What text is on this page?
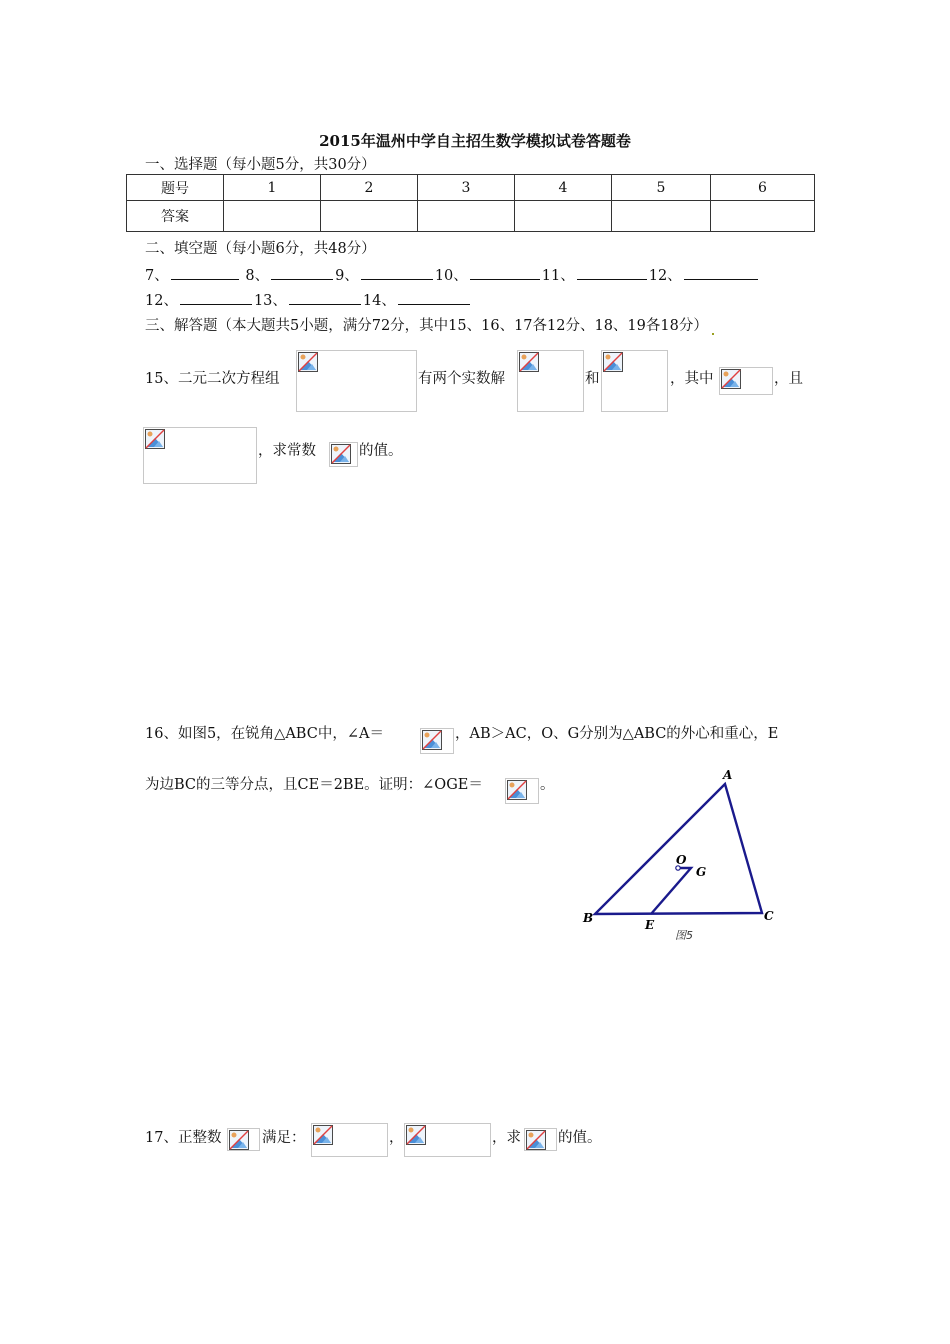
2015年温州中学自主招生数学模拟试卷答题卷
一、选择题（每小题5分，共30分）
题号	1	2	3	4	5	6
答案						
二、填空题（每小题6分，共48分）
7、	8、	9、	10、	11、	12、
12、	13、	14、
三、解答题（本大题共5小题，满分72分，其中15、16、17各12分、18、19各18分）
15、二元二次方程组	有两个实数解	和	，其中	，且
，求常数	的值。
16、如图5，在锐角△ABC中，∠A＝	，AB＞AC，O、G分别为△ABC的外心和重心，E
为边BC的三等分点，且CE＝2BE。证明：∠OGE＝	。
A
B	C
E
O
G
图5
17、正整数	满足：	，	，求	的值。
